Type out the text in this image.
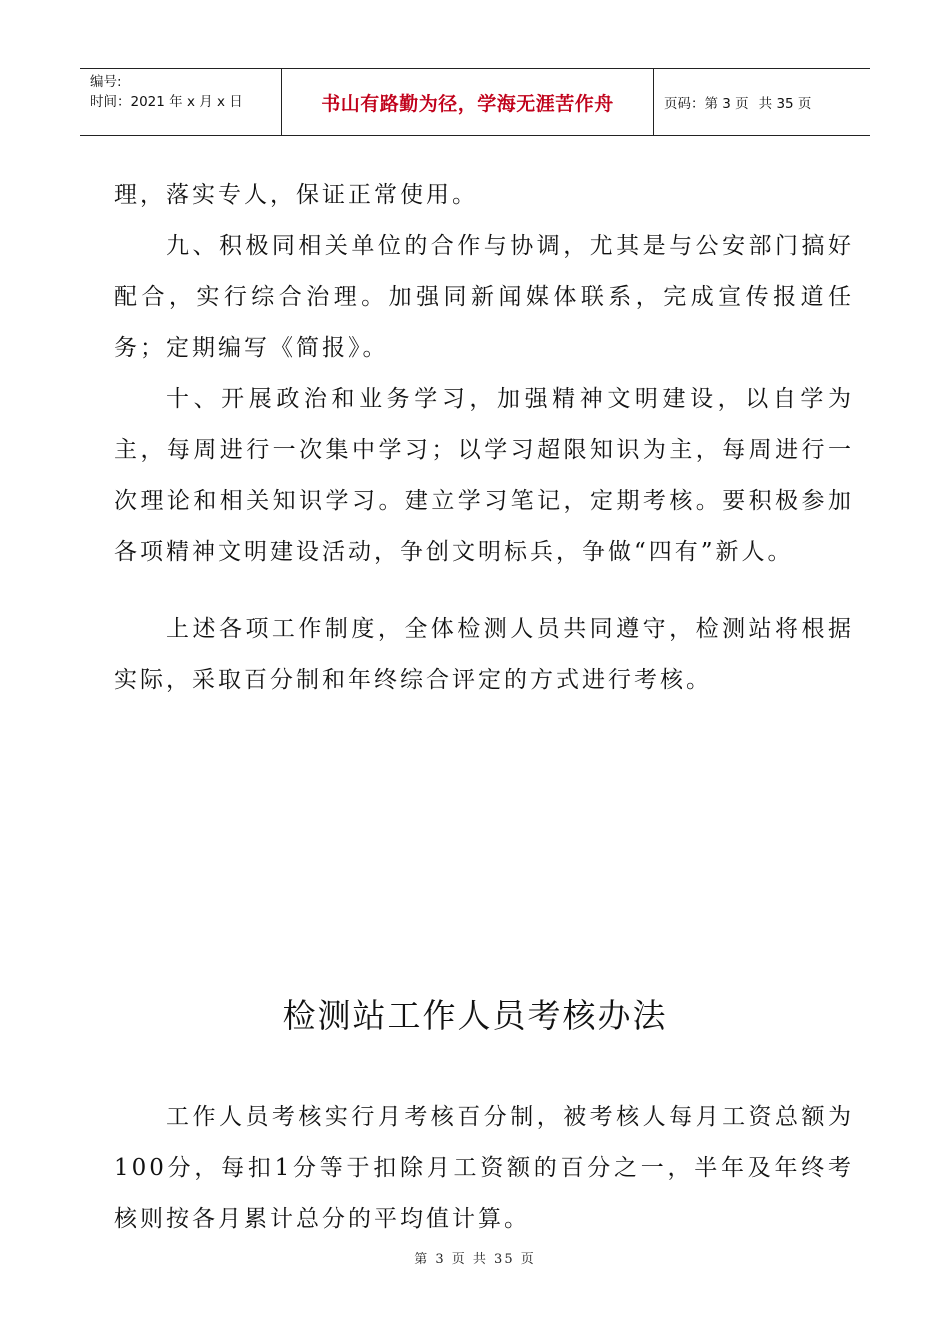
编号:
时间：2021 年 x 月 x 日	书山有路勤为径，学海无涯苦作舟	页码：第 3 页 共 35 页

理，落实专人，保证正常使用。

九、积极同相关单位的合作与协调，尤其是与公安部门搞好配合，实行综合治理。加强同新闻媒体联系，完成宣传报道任务；定期编写《简报》。

十、开展政治和业务学习，加强精神文明建设，以自学为主，每周进行一次集中学习；以学习超限知识为主，每周进行一次理论和相关知识学习。建立学习笔记，定期考核。要积极参加各项精神文明建设活动，争创文明标兵，争做“四有”新人。

上述各项工作制度，全体检测人员共同遵守，检测站将根据实际，采取百分制和年终综合评定的方式进行考核。

检测站工作人员考核办法

工作人员考核实行月考核百分制，被考核人每月工资总额为100分，每扣1分等于扣除月工资额的百分之一，半年及年终考核则按各月累计总分的平均值计算。

第 3 页 共 35 页
